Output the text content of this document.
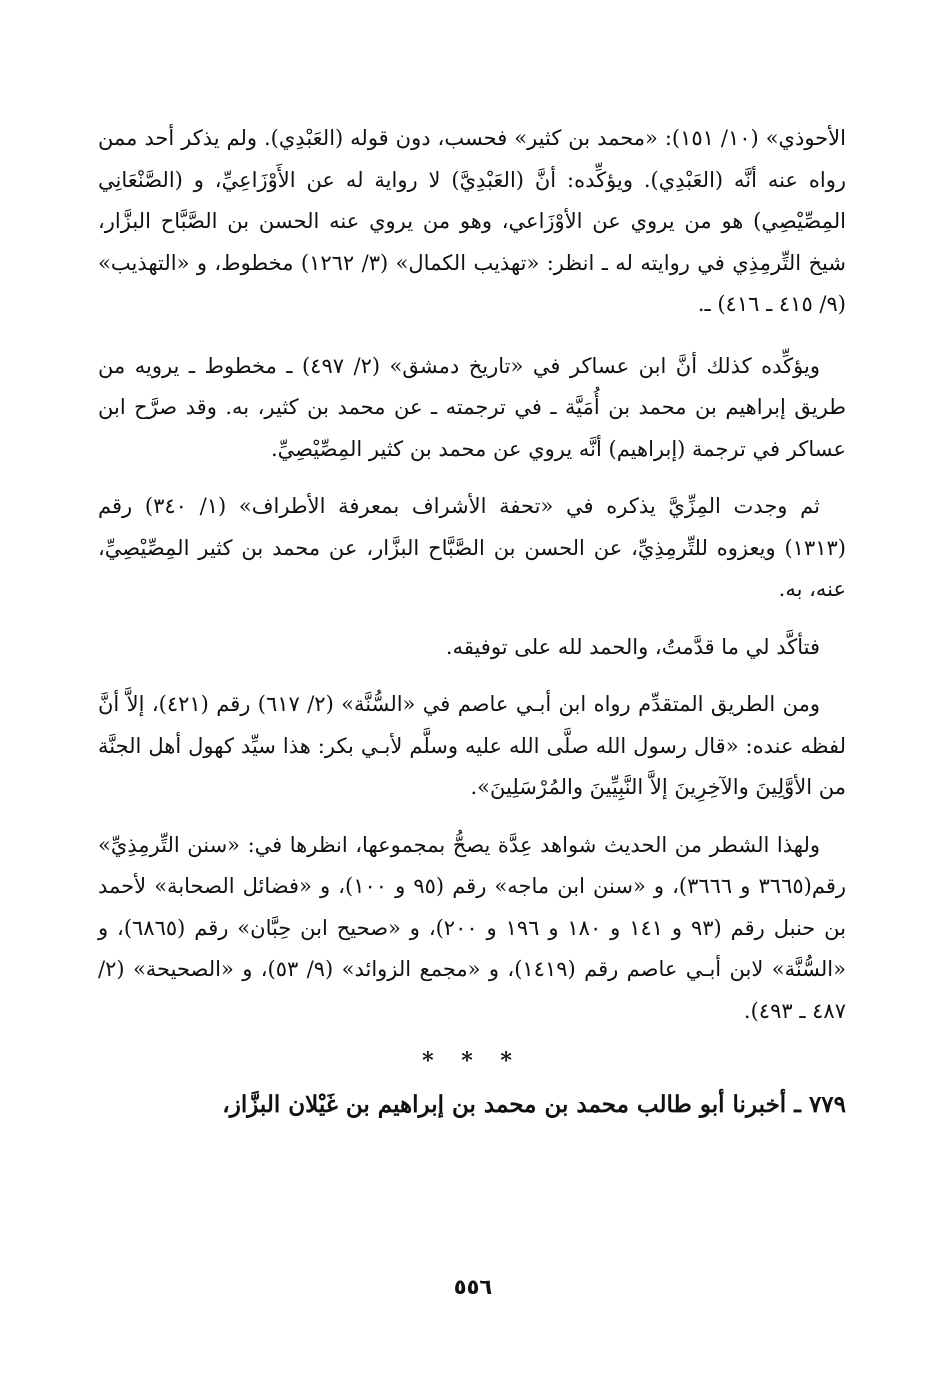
الأحوذي» (١٠/ ١٥١): «محمد بن كثير» فحسب، دون قوله (العَبْدِي). ولم يذكر أحد ممن رواه عنه أنَّه (العَبْدِي). ويؤكِّده: أنَّ (العَبْدِيَّ) لا رواية له عن الأَوْزَاعِيِّ، و (الصَّنْعَانِي المِصِّيْصِي) هو من يروي عن الأوْزَاعي، وهو من يروي عنه الحسن بن الصَّبَّاح البزَّار، شيخ التِّرمِذِي في روايته له ـ انظر: «تهذيب الكمال» (٣/ ١٢٦٢) مخطوط، و «التهذيب» (٩/ ٤١٥ ـ ٤١٦) ـ.

ويؤكِّده كذلك أنَّ ابن عساكر في «تاريخ دمشق» (٢/ ٤٩٧) ـ مخطوط ـ يرويه من طريق إبراهيم بن محمد بن أُمَيَّة ـ في ترجمته ـ عن محمد بن كثير، به. وقد صرَّح ابن عساكر في ترجمة (إبراهيم) أنَّه يروي عن محمد بن كثير المِصِّيْصِيِّ.

ثم وجدت المِزِّيَّ يذكره في «تحفة الأشراف بمعرفة الأطراف» (١/ ٣٤٠) رقم (١٣١٣) ويعزوه للتِّرمِذِيِّ، عن الحسن بن الصَّبَّاح البزَّار، عن محمد بن كثير المِصِّيْصِيِّ، عنه، به.

فتأكَّد لي ما قدَّمتُ، والحمد لله على توفيقه.

ومن الطريق المتقدِّم رواه ابن أبـي عاصم في «السُّنَّة» (٢/ ٦١٧) رقم (٤٢١)، إلاَّ أنَّ لفظه عنده: «قال رسول الله صلَّى الله عليه وسلَّم لأبـي بكر: هذا سيِّد كهول أهل الجنَّة من الأوَّلِينَ والآخِرِينَ إلاَّ النَّبِيِّينَ والمُرْسَلِينَ».

ولهذا الشطر من الحديث شواهد عِدَّة يصحُّ بمجموعها، انظرها في: «سنن التِّرمِذِيِّ» رقم(٣٦٦٥ و ٣٦٦٦)، و «سنن ابن ماجه» رقم (٩٥ و ١٠٠)، و «فضائل الصحابة» لأحمد بن حنبل رقم (٩٣ و ١٤١ و ١٨٠ و ١٩٦ و ٢٠٠)، و «صحيح ابن حِبَّان» رقم (٦٨٦٥)، و «السُّنَّة» لابن أبـي عاصم رقم (١٤١٩)، و «مجمع الزوائد» (٩/ ٥٣)، و «الصحيحة» (٢/ ٤٨٧ ـ ٤٩٣).

* * *

٧٧٩ ـ أخبرنا أبو طالب محمد بن محمد بن إبراهيم بن غَيْلان البزَّاز،

٥٥٦
